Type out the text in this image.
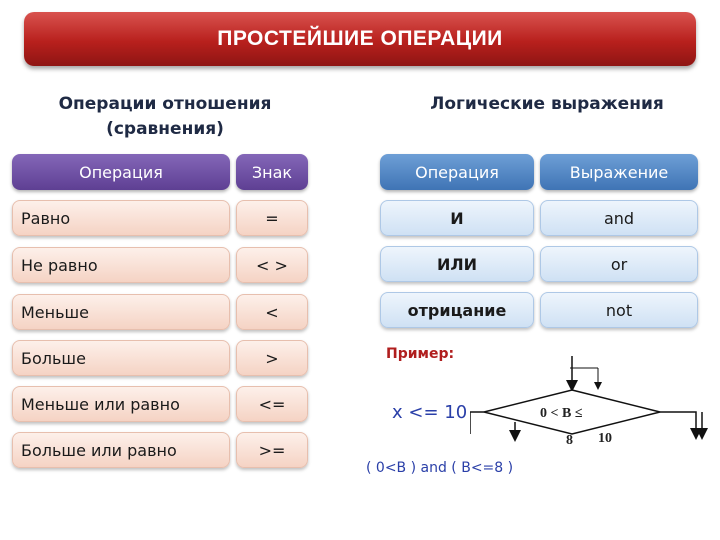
ПРОСТЕЙШИЕ ОПЕРАЦИИ
Операции отношения
(сравнения)
Логические выражения
Операция	Знак
Равно	=
Не равно	< >
Меньше	<
Больше	>
Меньше или равно	<=
Больше или равно	>=
Операция	Выражение
И	and
ИЛИ	or
отрицание	not
Пример:
x <= 10
( 0<B ) and ( B<=8 )
0 < B ≤
8 10
